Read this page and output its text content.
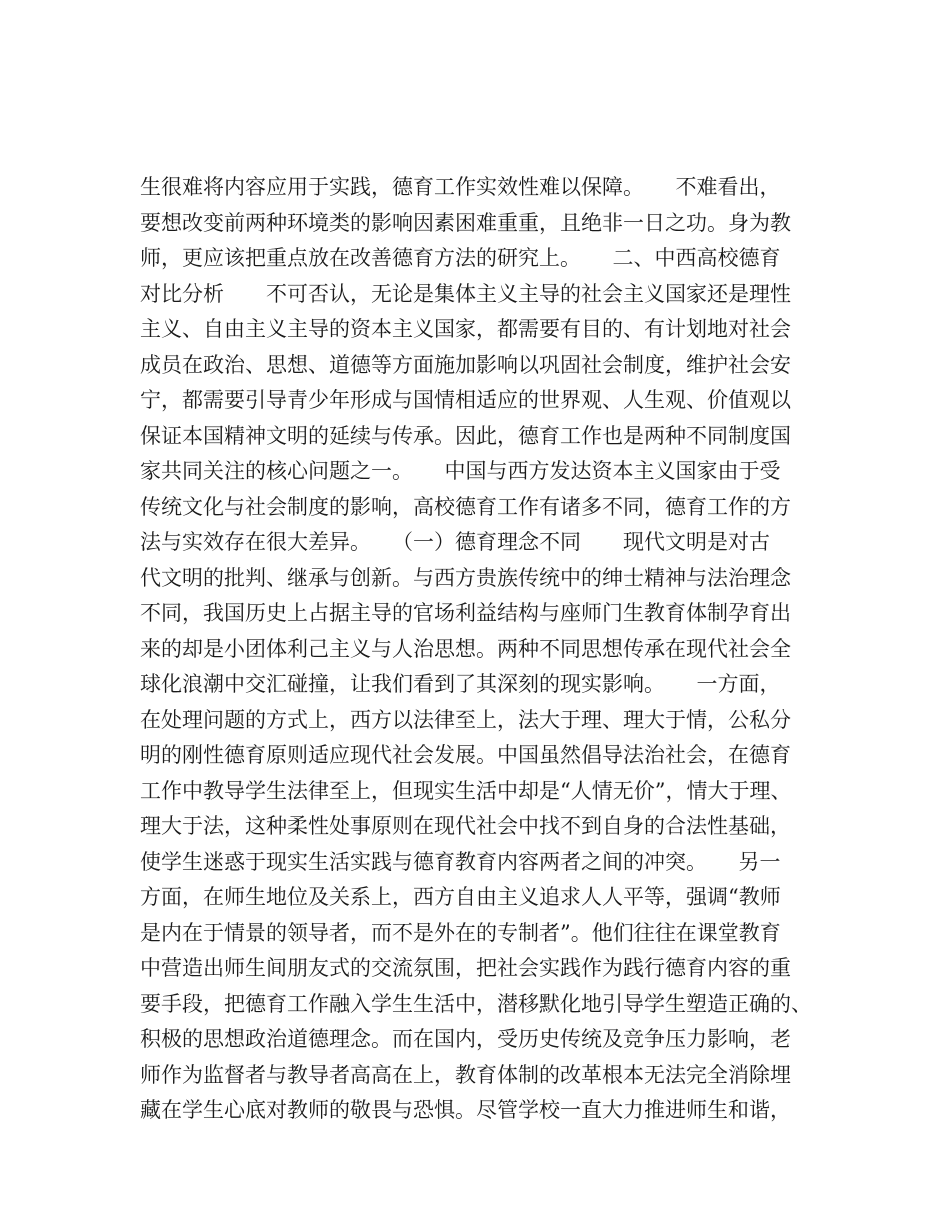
生很难将内容应用于实践，德育工作实效性难以保障。　　不难看出，
要想改变前两种环境类的影响因素困难重重，且绝非一日之功。身为教
师，更应该把重点放在改善德育方法的研究上。　　二、中西高校德育
对比分析　　不可否认，无论是集体主义主导的社会主义国家还是理性
主义、自由主义主导的资本主义国家，都需要有目的、有计划地对社会
成员在政治、思想、道德等方面施加影响以巩固社会制度，维护社会安
宁，都需要引导青少年形成与国情相适应的世界观、人生观、价值观以
保证本国精神文明的延续与传承。因此，德育工作也是两种不同制度国
家共同关注的核心问题之一。　　中国与西方发达资本主义国家由于受
传统文化与社会制度的影响，高校德育工作有诸多不同，德育工作的方
法与实效存在很大差异。　　（一）德育理念不同　　现代文明是对古
代文明的批判、继承与创新。与西方贵族传统中的绅士精神与法治理念
不同，我国历史上占据主导的官场利益结构与座师门生教育体制孕育出
来的却是小团体利己主义与人治思想。两种不同思想传承在现代社会全
球化浪潮中交汇碰撞，让我们看到了其深刻的现实影响。　　一方面，
在处理问题的方式上，西方以法律至上，法大于理、理大于情，公私分
明的刚性德育原则适应现代社会发展。中国虽然倡导法治社会，在德育
工作中教导学生法律至上，但现实生活中却是“人情无价”，情大于理、
理大于法，这种柔性处事原则在现代社会中找不到自身的合法性基础，
使学生迷惑于现实生活实践与德育教育内容两者之间的冲突。　　另一
方面，在师生地位及关系上，西方自由主义追求人人平等，强调“教师
是内在于情景的领导者，而不是外在的专制者”。他们往往在课堂教育
中营造出师生间朋友式的交流氛围，把社会实践作为践行德育内容的重
要手段，把德育工作融入学生生活中，潜移默化地引导学生塑造正确的、
积极的思想政治道德理念。而在国内，受历史传统及竞争压力影响，老
师作为监督者与教导者高高在上，教育体制的改革根本无法完全消除埋
藏在学生心底对教师的敬畏与恐惧。尽管学校一直大力推进师生和谐，
